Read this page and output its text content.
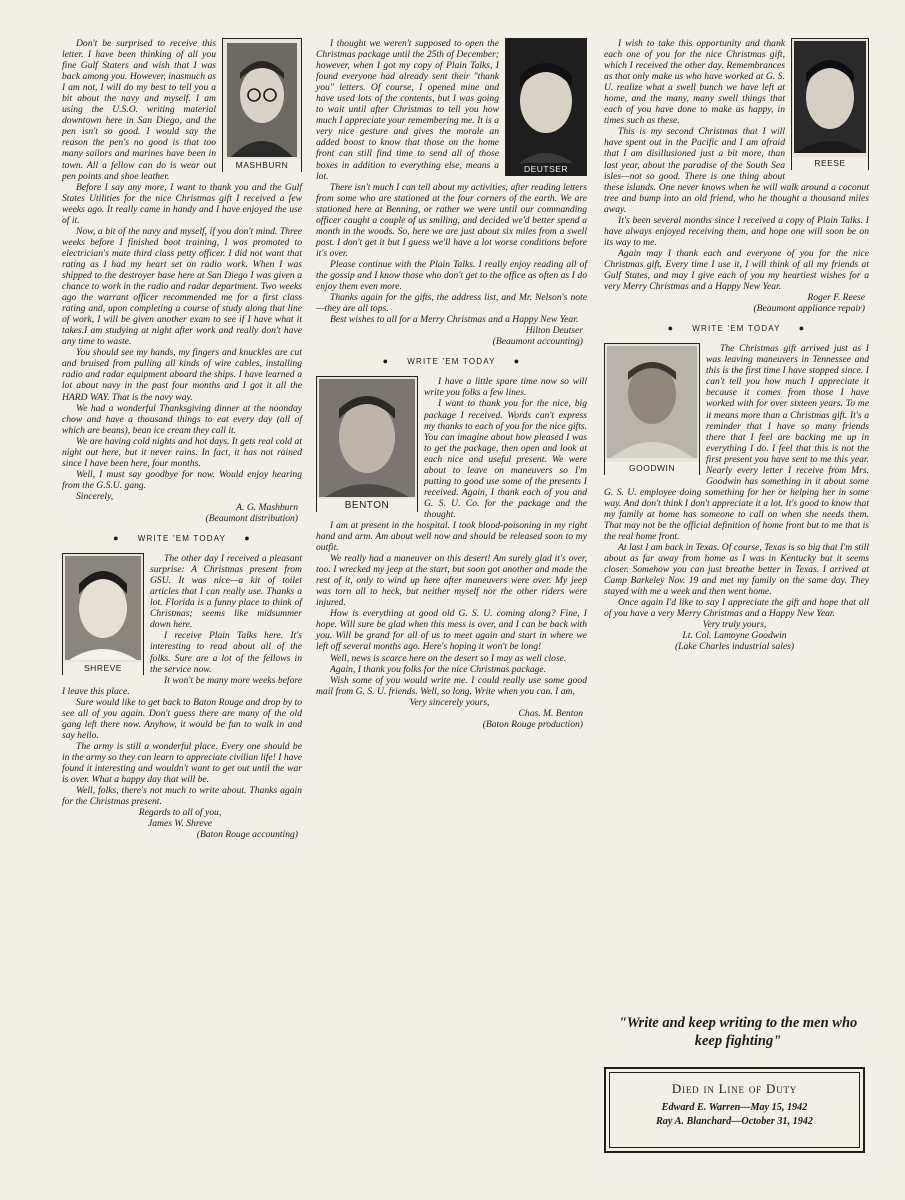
MASHBURN

Don't be surprised to receive this letter. I have been thinking of all you fine Gulf Staters and wish that I was back among you. However, inasmuch as I am not, I will do my best to tell you a bit about the navy and myself. I am using the U.S.O. writing material downtown here in San Diego, and the pen isn't so good. I would say the reason the pen's no good is that too many sailors and marines have been in town. All a fellow can do is wear out pen points and shoe leather.

Before I say any more, I want to thank you and the Gulf States Utilities for the nice Christmas gift I received a few weeks ago. It really came in handy and I have enjoyed the use of it.

Now, a bit of the navy and myself, if you don't mind. Three weeks before I finished boot training, I was promoted to electrician's mate third class petty officer. I did not want that rating as I had my heart set on radio work. When I was shipped to the destroyer base here at San Diego I was given a chance to work in the radio and radar department. Two weeks ago the warrant officer recommended me for a first class rating and, upon completing a course of study along that line of work, I will be given another exam to see if I have what it takes.I am studying at night after work and really don't have any time to waste.

You should see my hands, my fingers and knuckles are cut and bruised from pulling all kinds of wire cables, installing radio and radar equipment aboard the ships. I have learned a lot about navy in the past four months and I got it all the HARD WAY. That is the navy way.

We had a wonderful Thanksgiving dinner at the noonday chow and have a thousand things to eat every day (all of which are beans), bean ice cream they call it.

We are having cold nights and hot days. It gets real cold at night out here, but it never rains. In fact, it has not rained since I have been here, four months.

Well, I must say goodbye for now. Would enjoy hearing from the G.S.U. gang.

Sincerely,

A. G. Mashburn
(Beaumont distribution)
● WRITE 'EM TODAY ●
SHREVE

The other day I received a pleasant surprise: A Christmas present from GSU. It was nice—a kit of toilet articles that I can really use. Thanks a lot. Florida is a funny place to think of Christmas; seems like midsummer down here.

I receive Plain Talks here. It's interesting to read about all of the folks. Sure are a lot of the fellows in the service now.

It won't be many more weeks before I leave this place.

Sure would like to get back to Baton Rouge and drop by to see all of you again. Don't guess there are many of the old gang left there now. Anyhow, it would be fun to walk in and say hello.

The army is still a wonderful place. Every one should be in the army so they can learn to appreciate civilian life! I have found it interesting and wouldn't want to get out until the war is over. What a happy day that will be.

Well, folks, there's not much to write about. Thanks again for the Christmas present.

Regards to all of you,
James W. Shreve
(Baton Rouge accounting)
DEUTSER

I thought we weren't supposed to open the Christmas package until the 25th of December; however, when I got my copy of Plain Talks, I found everyone had already sent their "thank you" letters. Of course, I opened mine and have used lots of the contents, but I was going to wait until after Christmas to tell you how much I appreciate your remembering me. It is a very nice gesture and gives the morale an added boost to know that those on the home front can still find time to send all of those boxes in addition to everything else, means a lot.

There isn't much I can tell about my activities, after reading letters from some who are stationed at the four corners of the earth. We are stationed here at Benning, or rather we were until our commanding officer caught a couple of us smiling, and decided we'd better spend a month in the woods. So, here we are just about six miles from a swell post. I don't get it but I guess we'll have a lot worse conditions before it's over.

Please continue with the Plain Talks. I really enjoy reading all of the gossip and I know those who don't get to the office as often as I do enjoy them even more.

Thanks again for the gifts, the address list, and Mr. Nelson's note—they are all tops.

Best wishes to all for a Merry Christmas and a Happy New Year.

Hilton Deutser
(Beaumont accounting)
● WRITE 'EM TODAY ●
BENTON

I have a little spare time now so will write you folks a few lines.

I want to thank you for the nice, big package I received. Words can't express my thanks to each of you for the nice gifts. You can imagine about how pleased I was to get the package, then open and look at each nice and useful present. We were about to leave on maneuvers so I'm putting to good use some of the presents I received. Again, I thank each of you and G. S. U. Co. for the package and the thought.

I am at present in the hospital. I took blood-poisoning in my right hand and arm. Am about well now and should be released soon to my outfit.

We really had a maneuver on this desert! Am surely glad it's over, too. I wrecked my jeep at the start, but soon got another and made the rest of it, only to wind up here after maneuvers were over. My jeep was torn all to heck, but neither myself nor the other riders were injured.

How is everything at good old G. S. U. coming along? Fine, I hope. Will sure be glad when this mess is over, and I can be back with you. Will be grand for all of us to meet again and start in where we left off several months ago. Here's hoping it won't be long!

Well, news is scarce here on the desert so I may as well close.

Again, I thank you folks for the nice Christmas package.

Wish some of you would write me. I could really use some good mail from G. S. U. friends. Well, so long. Write when you can. I am,

Very sincerely yours,
Chas. M. Benton
(Baton Rouge production)
REESE

I wish to take this opportunity and thank each one of you for the nice Christmas gift, which I received the other day. Remembrances as that only make us who have worked at G. S. U. realize what a swell bunch we have left at home, and the many, many swell things that each of you have done to make us happy, in times such as these.

This is my second Christmas that I will have spent out in the Pacific and I am afraid that I am disillusioned just a bit more, than last year, about the paradise of the South Sea isles—not so good. There is one thing about these islands. One never knows when he will walk around a coconut tree and bump into an old friend, who he thought a thousand miles away.

It's been several months since I received a copy of Plain Talks. I have always enjoyed receiving them, and hope one will soon be on its way to me.

Again may I thank each and everyone of you for the nice Christmas gift. Every time I use it, I will think of all my friends at Gulf States, and may I give each of you my heartiest wishes for a very Merry Christmas and a Happy New Year.

Roger F. Reese
(Beaumont appliance repair)
● WRITE 'EM TODAY ●
GOODWIN

The Christmas gift arrived just as I was leaving maneuvers in Tennessee and this is the first time I have stopped since. I can't tell you how much I appreciate it because it comes from those I have worked with for over sixteen years. To me it means more than a Christmas gift. It's a reminder that I have so many friends there that I feel are backing me up in everything I do. I feel that this is not the first present you have sent to me this year. Nearly every letter I receive from Mrs. Goodwin has something in it about some G. S. U. employee doing something for her or helping her in some way. And don't think I don't appreciate it a lot. It's good to know that my family at home has someone to call on when she needs them. That may not be the official definition of home front but to me that is the real home front.

At last I am back in Texas. Of course, Texas is so big that I'm still about as far away from home as I was in Kentucky but it seems closer. Somehow you can just breathe better in Texas. I arrived at Camp Barkeley Nov. 19 and met my family on the same day. They stayed with me a week and then went home.

Once again I'd like to say I appreciate the gift and hope that all of you have a very Merry Christmas and a Happy New Year.

Very truly yours,
Lt. Col. Lamoyne Goodwin
(Lake Charles industrial sales)
"Write and keep writing to the men who keep fighting"
Died in Line of Duty
Edward E. Warren—May 15, 1942
Ray A. Blanchard—October 31, 1942
